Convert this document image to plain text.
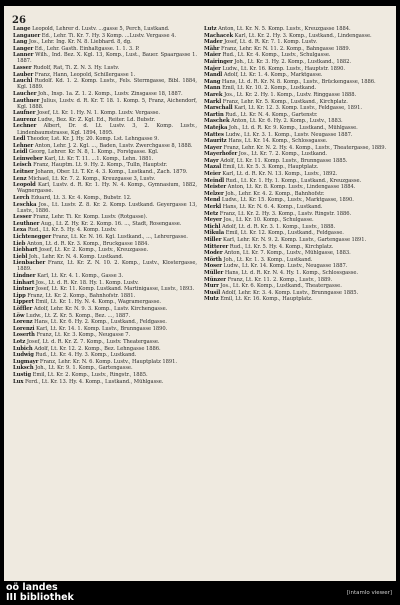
26

Lange Leopold, Lehrer d. Lustv. ...gasse 5, Perch, Lustkand.

Langauer Ed., Lehr. Ti. Kr. 7. Hy. 3 Komp. ...Lustv. Vergasse 4.

Lang Jos., Lehr. Ing. Kr. N. 8. Liebhard. 8, dg.

Langer Ed., Lehr. Gasth. Einhaltgasse. 1. 1. 3. P.

Lanner Wilh., Ind. Bez. X. Kgl. 13, Komp., Lust., Bauer. Spaargasse 1. 1887.

Lasser Rudolf, Rat, Ti. Z. N. 3. Hy. Lustv.

Lauber Franz, Hann, Leopold, Schillergasse 1.

Lauchl Rudolf. Kd. 1. 2. Komp. Lustv., Fels. Stermgasse, Bibl. 1884, Kgl. 1889.

Laucher Joh., Insp. 1a. Z. 1. 2. Komp., Lustv. Zinsgasse 18, 1887.

Lauthner Julius, Lustv. d. R. Kr. T. 18. 1. Komp. 5, Franz, Aichendorf, Kgl. 1888.

Laufner Josef, Lt. Kr. 1. Hy. N. 1. Komp. Lustv. Vergasse.

Laurenz Ludw., Bez. Kr. Z. Kgl. Ed., Reiter. Ld. Bubstr.

Lechner Albert, Dr. d. Lt. Lustv. 3, 2. Komp. Lustv., Lindenbaumstrasse, Kgl. 1894, 1895.

Ledl Theodor, Lst. Kr. J. Hy. 20. Komp. Lst. Lehngasse 9.

Lehner Anton, Lehr. J. 2. Kgl. ..., Baden, Lustv. Zwerchgasse 8, 1888.

Leidl Georg, Lehrer. Kr. N. 8, 1. Komp., Forstgasse. Kgl.

Leinweber Karl, Lt. Kr. T. 11. ...1. Komp., Lehn. 1881.

Leisch Franz, Hauptm. Lt. 9. Hy. 2. Komp., Tulln, Hauptstr.

Leitner Johann, Ober. Lt. T. Kr. 4. 3. Komp., Lustkand., Zach. 1879.

Lenz Michael, Lt. Kr. 7. 2. Komp., Kreuzgasse 3, Lustv.

Leopold Karl, Lustv. d. R. Kr. 1. Hy. N. 4. Komp., Gymnasium, 1882, Wagnergasse.

Lerch Eduard, Lt. 3. Kr. 4. Komp., Bubstr. 12.

Leschka Jos., Lt. Lustv. Z. 8. Kr. 2. Komp. Lustkand. Geyergasse 13, Lustv., 1886.

Lesser Franz, Lehr. Ti. Kr. Komp. Lustv. (Rotgasse).

Leuthner Aug., Lt. Z. Hy. Kr. 2. Komp. 16. ..., Stadt, Rosengasse.

Lexa Rud., Lt. Kr. 5. Hy. 4. Komp. Lustv.

Lichtenegger Franz, Lt. Kr. N. 16. Kgl. Lustkand., ..., Lehrergasse.

Lieb Anton, Lt. d. R. Kr. 3. Komp., Bruckgasse 1884.

Liebhart Josef, Lt. Kr. 2. Komp., Lustv., Kreuzgasse.

Liebl Joh., Lehr. Kr. N. 4. Komp. Lustkand.

Lienbacher Franz, Lt. Kr. Z. N. 10. 2. Komp., Lustv., Klostergasse, 1889.

Lindner Karl, Lt. Kr. 4. 1. Komp., Gasse 3.

Linhart Jos., Lt. d. R. Kr. 18. Hy. 1. Komp. Lustv.

Lintner Josef, Lt. Kr. 11. Komp. Lustkand. Martinigasse, Lustv., 1893.

Lipp Franz, Lt. Kr. 2. Komp., Bahnhofstr. 1881.

Lippert Emil, Lt. Kr. 1. Hy. N. 4. Komp., Wagramergasse.

Löffler Adolf, Lehr. Kr. N. 9. 3. Komp., Lustv. Kirchengasse.

Löw Ludw., Lt. Z. Kr. 5. Komp., Bez. ..., 1887.

Lorenz Hans, Lt. Kr. 6. Hy. 2. Komp., Lustkand., Feldgasse.

Lorenzi Karl, Lt. Kr. 14. 1. Komp. Lustv., Brunngasse 1890.

Loserth Franz, Lt. Kr. 3. Komp., Neugasse 7.

Lotz Josef, Lt. d. R. Kr. Z. 7. Komp., Lustv. Theatergasse.

Lubich Adolf, Lt. Kr. 12. 2. Komp., Bez. Lehngasse 1886.

Ludwig Rud., Lt. Kr. 4. Hy. 3. Komp., Lustkand.

Lugmayr Franz, Lehr. Kr. N. 6. Komp. Lustv., Hauptplatz 1891.

Luksch Joh., Lt. Kr. 9. 1. Komp., Gartengasse.

Lustig Emil, Lt. Kr. 2. Komp., Lustv., Ringstr., 1885.

Lux Ferd., Lt. Kr. 13. Hy. 4. Komp., Lustkand., Mühlgasse.

Lutz Anton, Lt. Kr. N. 5. Komp. Lustv., Kreuzgasse 1884.

Machacek Karl, Lt. Kr. 2. Hy. 3. Komp., Lustkand., Lindengasse.

Mader Josef, Lt. d. R. Kr. 7. 1. Komp. Lustv.

Mähr Franz, Lehr. Kr. N. 11. 2. Komp., Bahngasse 1889.

Maier Rud., Lt. Kr. 4. Komp., Lustv., Schulgasse.

Mairinger Joh., Lt. Kr. 3. Hy. 2. Komp., Lustkand., 1882.

Majer Ludw., Lt. Kr. 16. Komp. Lustv., Hauptstr. 1890.

Mandl Adolf, Lt. Kr. 1. 4. Komp., Marktgasse.

Mang Hans, Lt. d. R. Kr. N. 8. Komp., Lustv., Brückengasse, 1886.

Mann Emil, Lt. Kr. 10. 2. Komp., Lustkand.

Marek Jos., Lt. Kr. 2. Hy. 1. Komp., Lustv. Ringgasse 1888.

Markl Franz, Lehr. Kr. 5. Komp., Lustkand., Kirchplatz.

Marschall Karl, Lt. Kr. 12. 3. Komp. Lustv., Feldgasse, 1891.

Martin Rud., Lt. Kr. N. 4. Komp., Gartenstr.

Maschek Anton, Lt. Kr. 6. Hy. 2. Komp., Lustv., 1883.

Matejka Joh., Lt. d. R. Kr. 9. Komp., Lustkand., Mühlgasse.

Mattes Ludw., Lt. Kr. 3. 1. Komp., Lustv. Neugasse 1887.

Mauritz Hans, Lt. Kr. 14. Komp., Schlossgasse.

Mayer Franz, Lehr. Kr. N. 2. Hy. 4. Komp., Lustv., Theatergasse, 1889.

Mayerhofer Jos., Lt. Kr. 7. 2. Komp., Lustkand.

Mayr Adolf, Lt. Kr. 11. Komp. Lustv., Brunngasse 1885.

Mazal Emil, Lt. Kr. 5. 3. Komp., Hauptplatz.

Meier Karl, Lt. d. R. Kr. N. 13. Komp., Lustv., 1892.

Meindl Rud., Lt. Kr. 1. Hy. 1. Komp., Lustkand., Kreuzgasse.

Meister Anton, Lt. Kr. 8. Komp. Lustv., Lindengasse 1884.

Melzer Joh., Lehr. Kr. 4. 2. Komp., Bahnhofstr.

Mend Ludw., Lt. Kr. 15. Komp., Lustv., Marktgasse, 1890.

Merkl Hans, Lt. Kr. N. 6. 4. Komp., Lustkand.

Metz Franz, Lt. Kr. 2. Hy. 3. Komp., Lustv. Ringstr. 1886.

Meyer Jos., Lt. Kr. 10. Komp., Schulgasse.

Michl Adolf, Lt. d. R. Kr. 3. 1. Komp., Lustv., 1888.

Mikula Emil, Lt. Kr. 12. Komp., Lustkand., Feldgasse.

Miller Karl, Lehr. Kr. N. 9. 2. Komp. Lustv., Gartengasse 1891.

Mitterer Rud., Lt. Kr. 5. Hy. 4. Komp., Kirchplatz.

Moder Anton, Lt. Kr. 7. Komp., Lustv., Mühlgasse, 1883.

Mörth Joh., Lt. Kr. 1. 3. Komp., Lustkand.

Moser Ludw., Lt. Kr. 14. Komp. Lustv., Neugasse 1887.

Müller Hans, Lt. d. R. Kr. N. 4. Hy. 1. Komp., Schlossgasse.

Münzer Franz, Lt. Kr. 11. 2. Komp., Lustv., 1889.

Murr Jos., Lt. Kr. 6. Komp., Lustkand., Theatergasse.

Musil Adolf, Lehr. Kr. 3. 4. Komp. Lustv., Brunngasse 1885.

Mutz Emil, Lt. Kr. 16. Komp., Hauptplatz.

oö landes
III bibliothek	[intamlo viewer]
